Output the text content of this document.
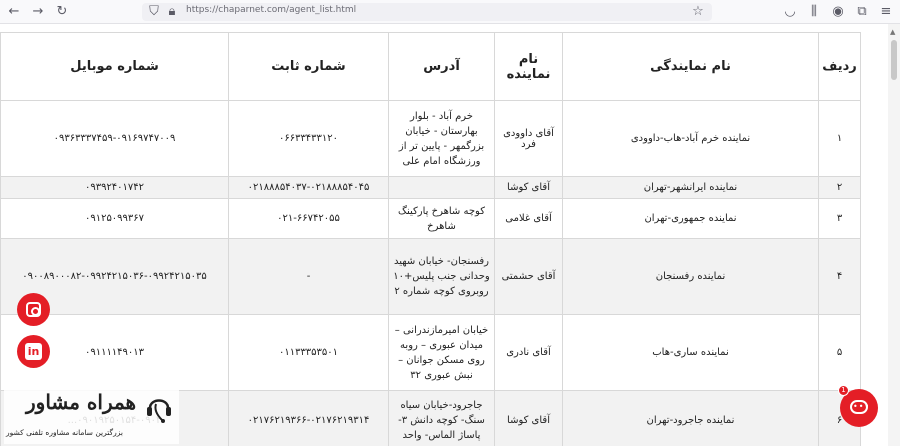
← → ↻	⛉ 🔒︎	https://chaparnet.com/agent_list.html	☆	◡	⫼	◉ ⧉ ≡
ردیف	نام نمایندگی	نام نماینده	آدرس	شماره ثابت	شماره موبایل
۱	نماینده خرم آباد-هاب-داوودی	آقای داوودی فرد	خرم آباد - بلوار بهارستان - خیابان بزرگمهر - پایین تر از ورزشگاه امام علی	۰۶۶۳۳۴۳۳۱۲۰	۰۹۳۶۳۳۳۷۴۵۹-۰۹۱۶۹۷۴۷۰۰۹
۲	نماینده ایرانشهر-تهران	آقای کوشا		۰۲۱۸۸۸۵۴۰۳۷-۰۲۱۸۸۸۵۴۰۴۵	۰۹۳۹۲۴۰۱۷۴۲
۳	نماینده جمهوری-تهران	آقای غلامی	کوچه شاهرخ پارکینگ شاهرخ	۰۲۱-۶۶۷۴۲۰۵۵	۰۹۱۲۵۰۹۹۳۶۷
۴	نماینده رفسنجان	آقای حشمتی	رفسنجان- خیابان شهید وحدانی جنب پلیس+۱۰ روبروی کوچه شماره ۲	-	۰۹۰۰۸۹۰۰۰۸۲-۰۹۹۲۴۲۱۵۰۳۶-۰۹۹۲۴۲۱۵۰۳۵
۵	نماینده ساری-هاب	آقای نادری	خیابان امیرمازندرانی – میدان عبوری – روبه روی مسکن جوانان – نبش عبوری ۳۲	۰۱۱۳۳۳۵۳۵۰۱	۰۹۱۱۱۱۴۹۰۱۳
۶	نماینده جاجرود-تهران	آقای کوشا	جاجرود-خیابان سیاه سنگ- کوچه دانش ۳- پاساژ الماس- واحد	۰۲۱۷۶۲۱۹۳۶۶-۰۲۱۷۶۲۱۹۳۱۴	
▲
in
همراه مشاور
بزرگترین سامانه مشاوره تلفنی کشور
•••
1
